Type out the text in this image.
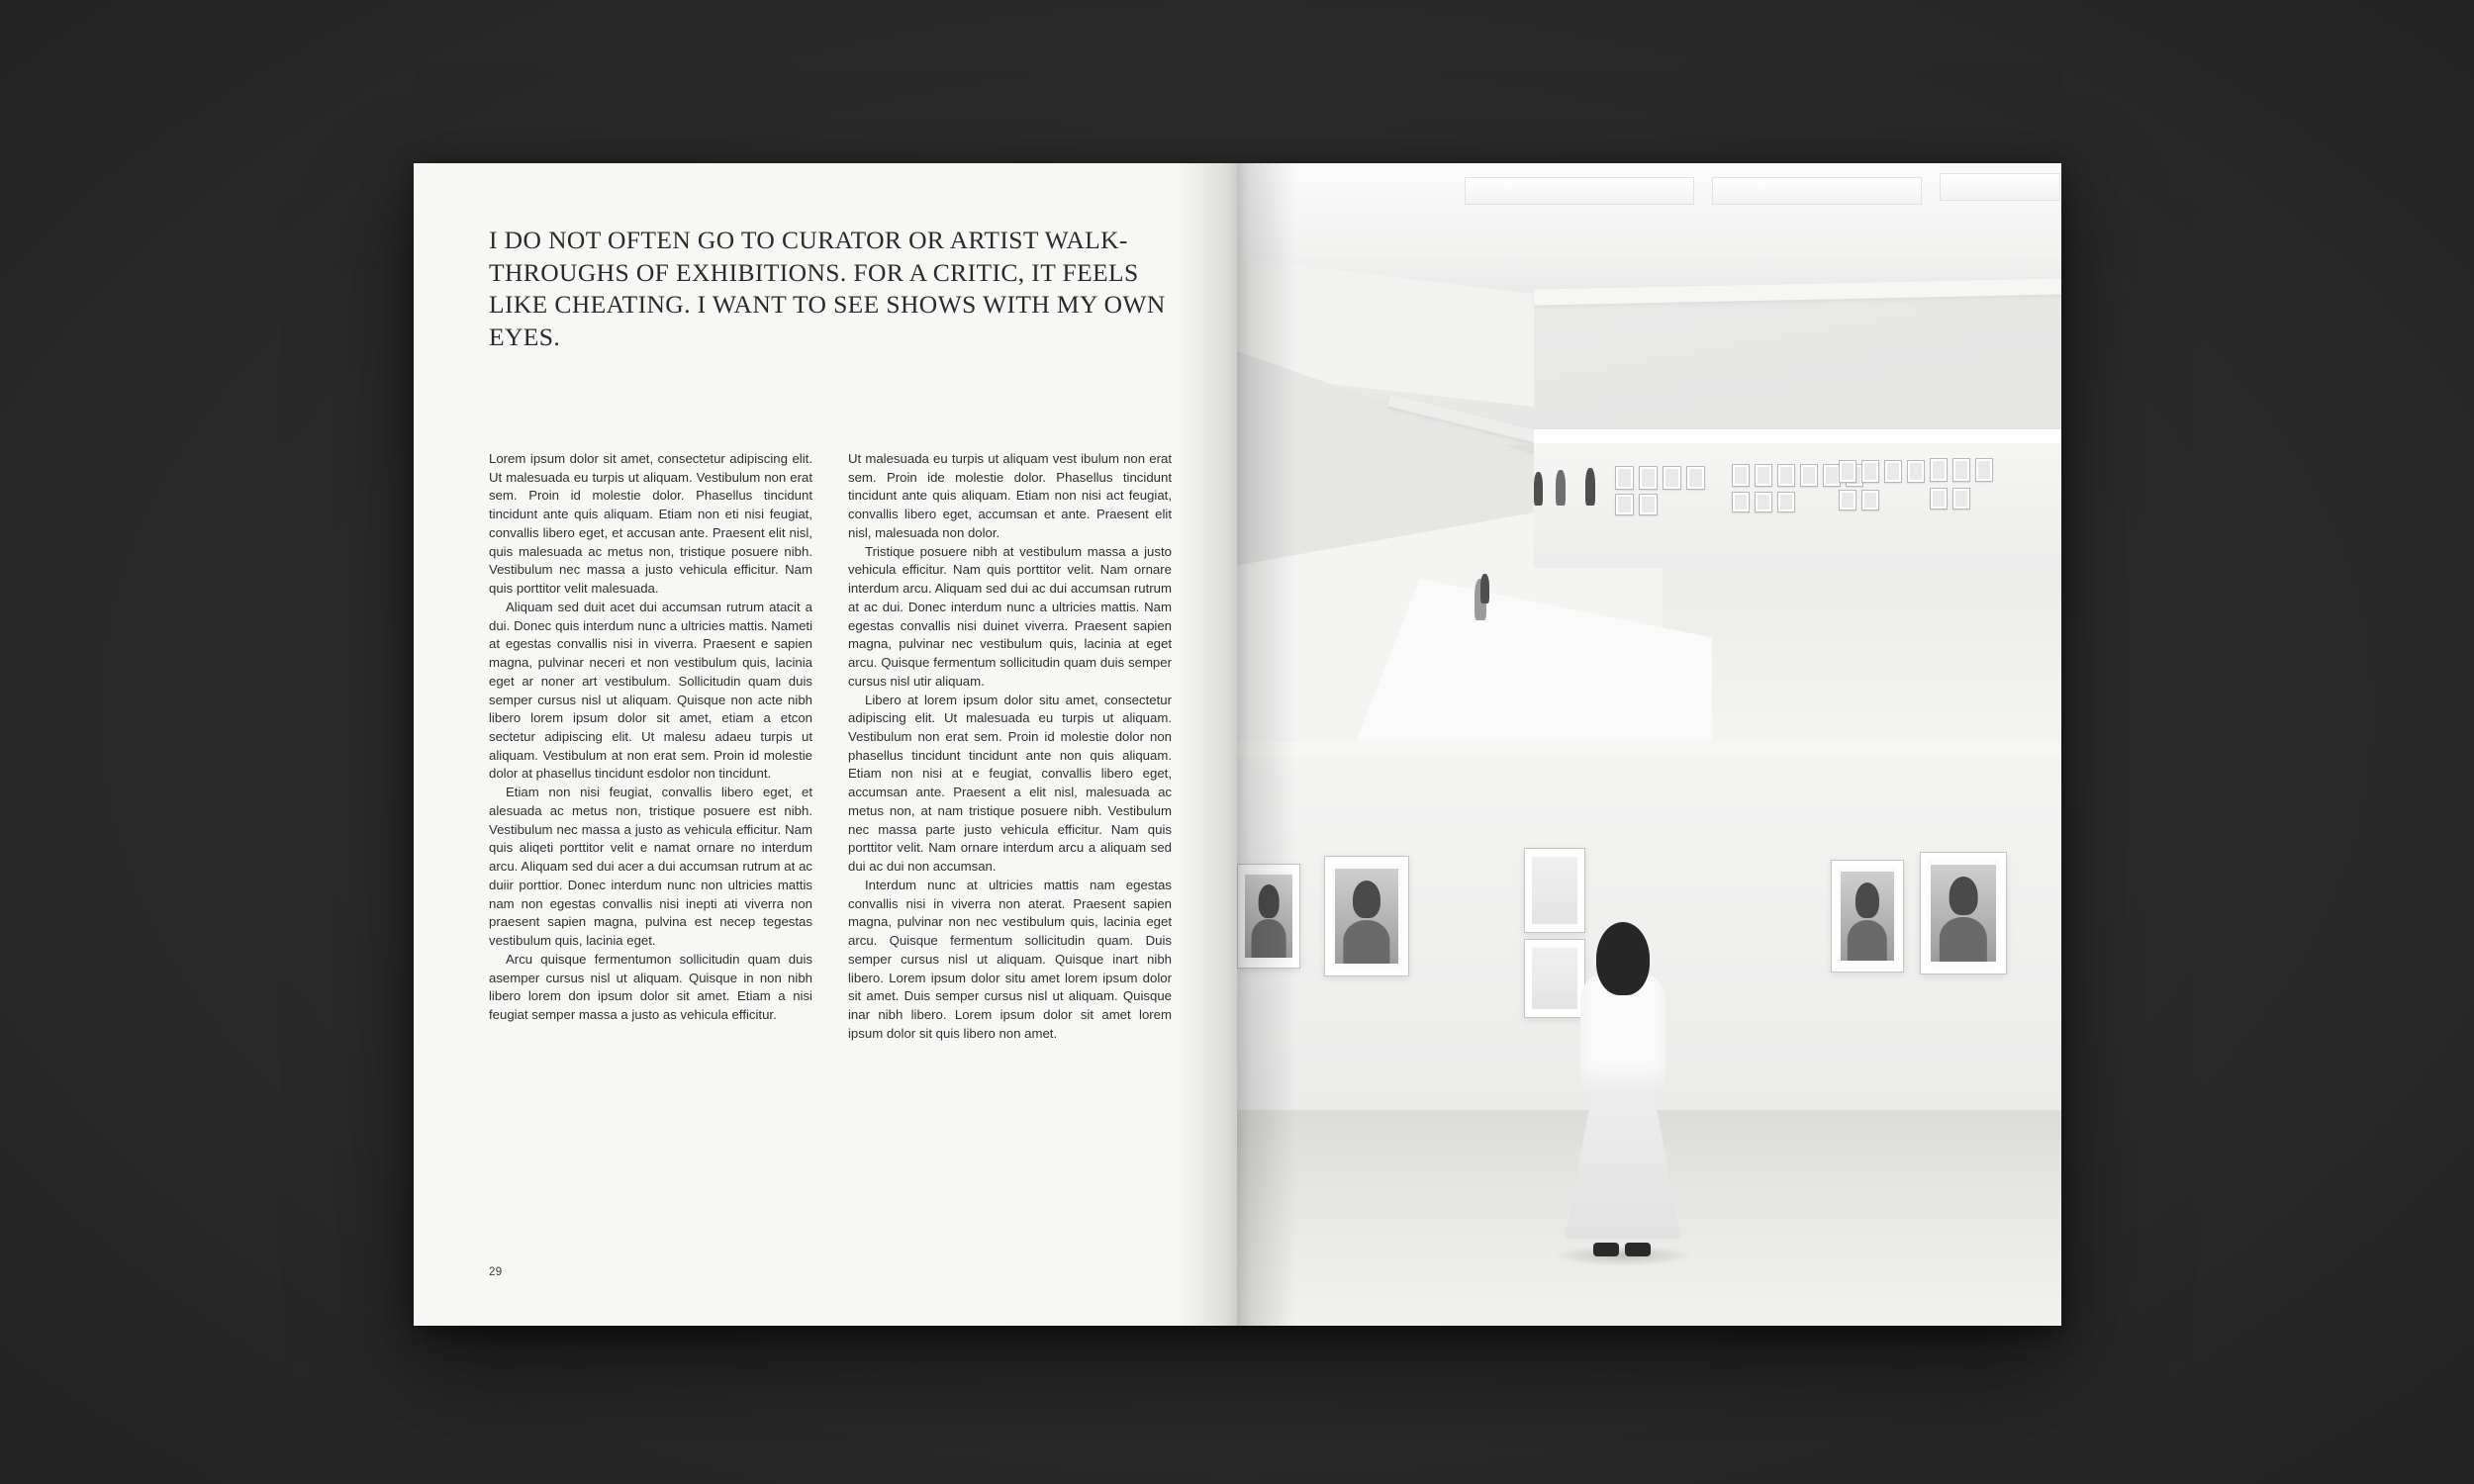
I DO NOT OFTEN GO TO CURATOR OR ARTIST WALK-THROUGHS OF EXHIBITIONS. FOR A CRITIC, IT FEELS LIKE CHEATING. I WANT TO SEE SHOWS WITH MY OWN EYES.

Lorem ipsum dolor sit amet, consectetur adipiscing elit. Ut malesuada eu turpis ut aliquam. Vestibulum non erat sem. Proin id molestie dolor. Phasellus tincidunt tincidunt ante quis aliquam. Etiam non eti nisi feugiat, convallis libero eget, et accusan ante. Praesent elit nisl, quis malesuada ac metus non, tristique posuere nibh. Vestibulum nec massa a justo vehicula efficitur. Nam quis porttitor velit malesuada.

Aliquam sed duit acet dui accumsan rutrum atacit a dui. Donec quis interdum nunc a ultricies mattis. Nameti at egestas convallis nisi in viverra. Praesent e sapien magna, pulvinar neceri et non vestibulum quis, lacinia eget ar noner art vestibulum. Sollicitudin quam duis semper cursus nisl ut aliquam. Quisque non acte nibh libero lorem ipsum dolor sit amet, etiam a etcon sectetur adipiscing elit. Ut malesu adaeu turpis ut aliquam. Vestibulum at non erat sem. Proin id molestie dolor at phasellus tincidunt esdolor non tincidunt.

Etiam non nisi feugiat, convallis libero eget, et alesuada ac metus non, tristique posuere est nibh. Vestibulum nec massa a justo as vehicula efficitur. Nam quis aliqeti porttitor velit e namat ornare no interdum arcu. Aliquam sed dui acer a dui accumsan rutrum at ac duiir porttior. Donec interdum nunc non ultricies mattis nam non egestas convallis nisi inepti ati viverra non praesent sapien magna, pulvina est necep tegestas vestibulum quis, lacinia eget.

Arcu quisque fermentumon sollicitudin quam duis asemper cursus nisl ut aliquam. Quisque in non nibh libero lorem don ipsum dolor sit amet. Etiam a nisi feugiat semper massa a justo as vehicula efficitur.

Ut malesuada eu turpis ut aliquam vest ibulum non erat sem. Proin ide molestie dolor. Phasellus tincidunt tincidunt ante quis aliquam. Etiam non nisi act feugiat, convallis libero eget, accumsan et ante. Praesent elit nisl, malesuada non dolor.

Tristique posuere nibh at vestibulum massa a justo vehicula efficitur. Nam quis porttitor velit. Nam ornare interdum arcu. Aliquam sed dui ac dui accumsan rutrum at ac dui. Donec interdum nunc a ultricies mattis. Nam egestas convallis nisi duinet viverra. Praesent sapien magna, pulvinar nec vestibulum quis, lacinia at eget arcu. Quisque fermentum sollicitudin quam duis semper cursus nisl utir aliquam.

Libero at lorem ipsum dolor situ amet, consectetur adipiscing elit. Ut malesuada eu turpis ut aliquam. Vestibulum non erat sem. Proin id molestie dolor non phasellus tincidunt tincidunt ante non quis aliquam. Etiam non nisi at e feugiat, convallis libero eget, accumsan ante. Praesent a elit nisl, malesuada ac metus non, at nam tristique posuere nibh. Vestibulum nec massa parte justo vehicula efficitur. Nam quis porttitor velit. Nam ornare interdum arcu a aliquam sed dui ac dui non accumsan.

Interdum nunc at ultricies mattis nam egestas convallis nisi in viverra non aterat. Praesent sapien magna, pulvinar non nec vestibulum quis, lacinia eget arcu. Quisque fermentum sollicitudin quam. Duis semper cursus nisl ut aliquam. Quisque inart nibh libero. Lorem ipsum dolor situ amet lorem ipsum dolor sit amet. Duis semper cursus nisl ut aliquam. Quisque inar nibh libero. Lorem ipsum dolor sit amet lorem ipsum dolor sit quis libero non amet.

29
